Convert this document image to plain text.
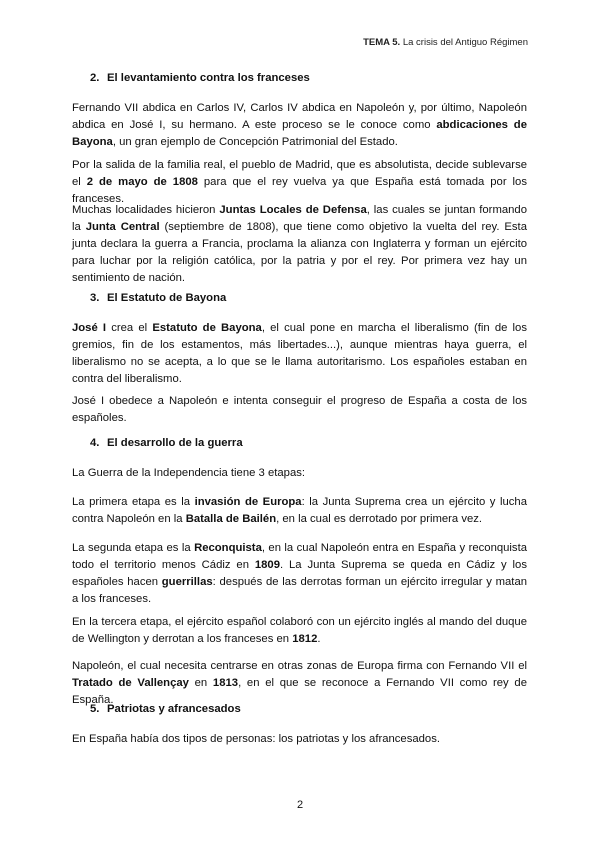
TEMA 5. La crisis del Antiguo Régimen
2. El levantamiento contra los franceses
Fernando VII abdica en Carlos IV, Carlos IV abdica en Napoleón y, por último, Napoleón abdica en José I, su hermano. A este proceso se le conoce como abdicaciones de Bayona, un gran ejemplo de Concepción Patrimonial del Estado.
Por la salida de la familia real, el pueblo de Madrid, que es absolutista, decide sublevarse el 2 de mayo de 1808 para que el rey vuelva ya que España está tomada por los franceses.
Muchas localidades hicieron Juntas Locales de Defensa, las cuales se juntan formando la Junta Central (septiembre de 1808), que tiene como objetivo la vuelta del rey. Esta junta declara la guerra a Francia, proclama la alianza con Inglaterra y forman un ejército para luchar por la religión católica, por la patria y por el rey. Por primera vez hay un sentimiento de nación.
3. El Estatuto de Bayona
José I crea el Estatuto de Bayona, el cual pone en marcha el liberalismo (fin de los gremios, fin de los estamentos, más libertades...), aunque mientras haya guerra, el liberalismo no se acepta, a lo que se le llama autoritarismo. Los españoles estaban en contra del liberalismo.
José I obedece a Napoleón e intenta conseguir el progreso de España a costa de los españoles.
4. El desarrollo de la guerra
La Guerra de la Independencia tiene 3 etapas:
La primera etapa es la invasión de Europa: la Junta Suprema crea un ejército y lucha contra Napoleón en la Batalla de Bailén, en la cual es derrotado por primera vez.
La segunda etapa es la Reconquista, en la cual Napoleón entra en España y reconquista todo el territorio menos Cádiz en 1809. La Junta Suprema se queda en Cádiz y los españoles hacen guerrillas: después de las derrotas forman un ejército irregular y matan a los franceses.
En la tercera etapa, el ejército español colaboró con un ejército inglés al mando del duque de Wellington y derrotan a los franceses en 1812.
Napoleón, el cual necesita centrarse en otras zonas de Europa firma con Fernando VII el Tratado de Vallençay en 1813, en el que se reconoce a Fernando VII como rey de España.
5. Patriotas y afrancesados
En España había dos tipos de personas: los patriotas y los afrancesados.
2
